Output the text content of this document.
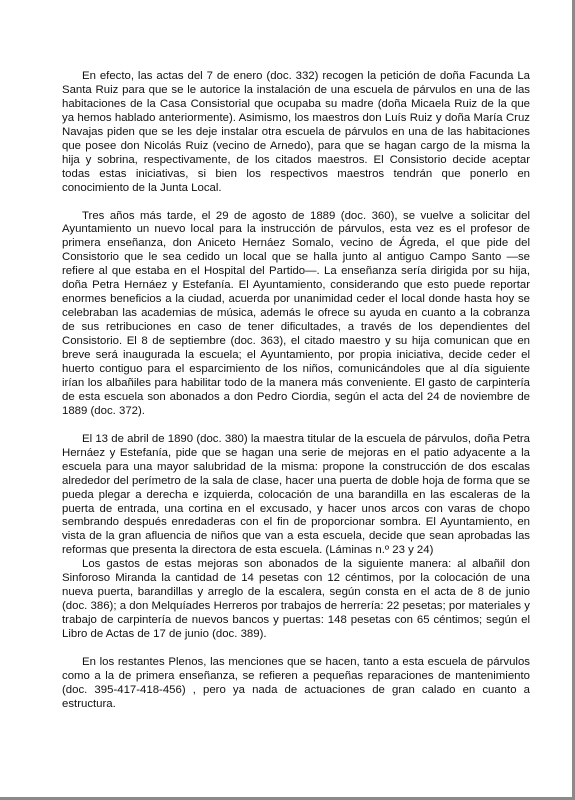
En efecto, las actas del 7 de enero (doc. 332) recogen la petición de doña Facunda La Santa Ruiz para que se le autorice la instalación de una escuela de párvulos en una de las habitaciones de la Casa Consistorial que ocupaba su madre (doña Micaela Ruiz de la que ya hemos hablado anteriormente). Asimismo, los maestros don Luís Ruiz y doña María Cruz Navajas piden que se les deje instalar otra escuela de párvulos en una de las habitaciones que posee don Nicolás Ruiz (vecino de Arnedo), para que se hagan cargo de la misma la hija y sobrina, respectivamente, de los citados maestros. El Consistorio decide aceptar todas estas iniciativas, si bien los respectivos maestros tendrán que ponerlo en conocimiento de la Junta Local.

Tres años más tarde, el 29 de agosto de 1889 (doc. 360), se vuelve a solicitar del Ayuntamiento un nuevo local para la instrucción de párvulos, esta vez es el profesor de primera enseñanza, don Aniceto Hernáez Somalo, vecino de Ágreda, el que pide del Consistorio que le sea cedido un local que se halla junto al antiguo Campo Santo —se refiere al que estaba en el Hospital del Partido—. La enseñanza sería dirigida por su hija, doña Petra Hernáez y Estefanía. El Ayuntamiento, considerando que esto puede reportar enormes beneficios a la ciudad, acuerda por unanimidad ceder el local donde hasta hoy se celebraban las academias de música, además le ofrece su ayuda en cuanto a la cobranza de sus retribuciones en caso de tener dificultades, a través de los dependientes del Consistorio. El 8 de septiembre (doc. 363), el citado maestro y su hija comunican que en breve será inaugurada la escuela; el Ayuntamiento, por propia iniciativa, decide ceder el huerto contiguo para el esparcimiento de los niños, comunicándoles que al día siguiente irían los albañiles para habilitar todo de la manera más conveniente. El gasto de carpintería de esta escuela son abonados a don Pedro Ciordia, según el acta del 24 de noviembre de 1889 (doc. 372).

El 13 de abril de 1890 (doc. 380) la maestra titular de la escuela de párvulos, doña Petra Hernáez y Estefanía, pide que se hagan una serie de mejoras en el patio adyacente a la escuela para una mayor salubridad de la misma: propone la construcción de dos escalas alrededor del perímetro de la sala de clase, hacer una puerta de doble hoja de forma que se pueda plegar a derecha e izquierda, colocación de una barandilla en las escaleras de la puerta de entrada, una cortina en el excusado, y hacer unos arcos con varas de chopo sembrando después enredaderas con el fin de proporcionar sombra. El Ayuntamiento, en vista de la gran afluencia de niños que van a esta escuela, decide que sean aprobadas las reformas que presenta la directora de esta escuela. (Láminas n.º 23 y 24)

Los gastos de estas mejoras son abonados de la siguiente manera: al albañil don Sinforoso Miranda la cantidad de 14 pesetas con 12 céntimos, por la colocación de una nueva puerta, barandillas y arreglo de la escalera, según consta en el acta de 8 de junio (doc. 386); a don Melquíades Herreros por trabajos de herrería: 22 pesetas; por materiales y trabajo de carpintería de nuevos bancos y puertas: 148 pesetas con 65 céntimos; según el Libro de Actas de 17 de junio (doc. 389).

En los restantes Plenos, las menciones que se hacen, tanto a esta escuela de párvulos como a la de primera enseñanza, se refieren a pequeñas reparaciones de mantenimiento (doc. 395-417-418-456) , pero ya nada de actuaciones de gran calado en cuanto a estructura.
